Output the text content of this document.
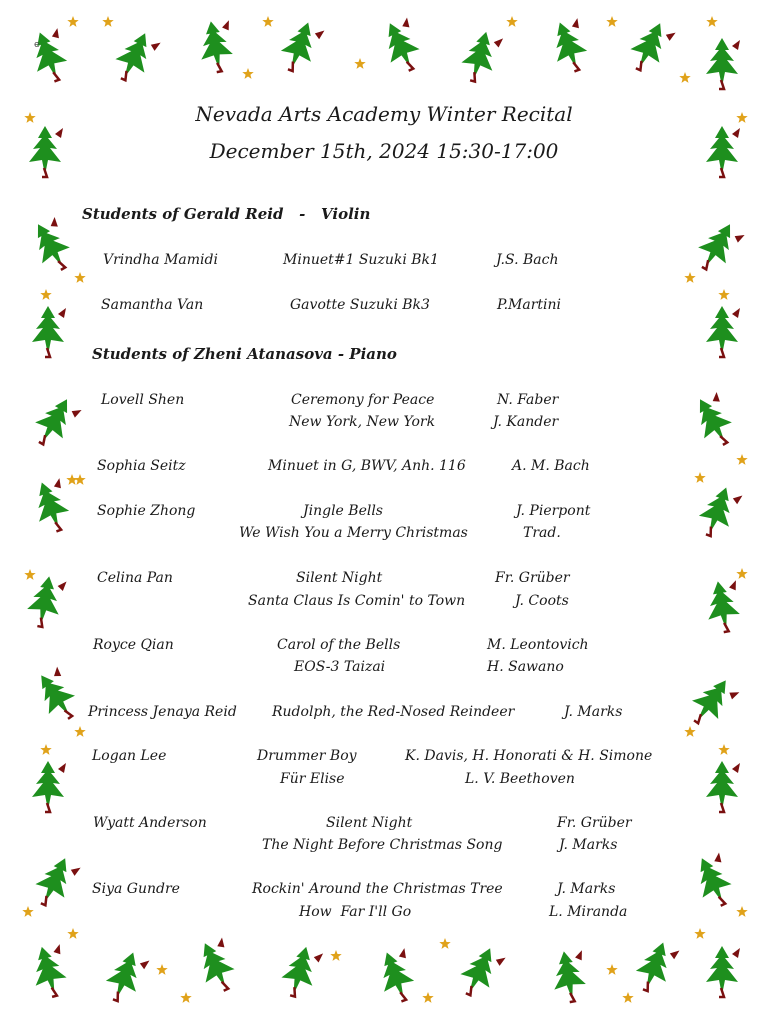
e
Nevada Arts Academy Winter Recital
December 15th, 2024 15:30-17:00
Students of Gerald Reid   -   Violin
Vrindha Mamidi	Minuet#1 Suzuki Bk1	J.S. Bach
Samantha Van	Gavotte Suzuki Bk3	P.Martini
Students of Zheni Atanasova - Piano
Lovell Shen	Ceremony for Peace	N. Faber
New York, New York	J. Kander
Sophia Seitz	Minuet in G, BWV, Anh. 116	A. M. Bach
Sophie Zhong	Jingle Bells	J. Pierpont
We Wish You a Merry Christmas	Trad.
Celina Pan	Silent Night	Fr. Grüber
Santa Claus Is Comin' to Town	J. Coots
Royce Qian	Carol of the Bells	M. Leontovich
EOS-3 Taizai	H. Sawano
Princess Jenaya Reid	Rudolph, the Red-Nosed Reindeer	J. Marks
Logan Lee	Drummer Boy	K. Davis, H. Honorati & H. Simone
Für Elise	L. V. Beethoven
Wyatt Anderson	Silent Night	Fr. Grüber
The Night Before Christmas Song	J. Marks
Siya Gundre	Rockin' Around the Christmas Tree	J. Marks
How  Far I'll Go	L. Miranda
